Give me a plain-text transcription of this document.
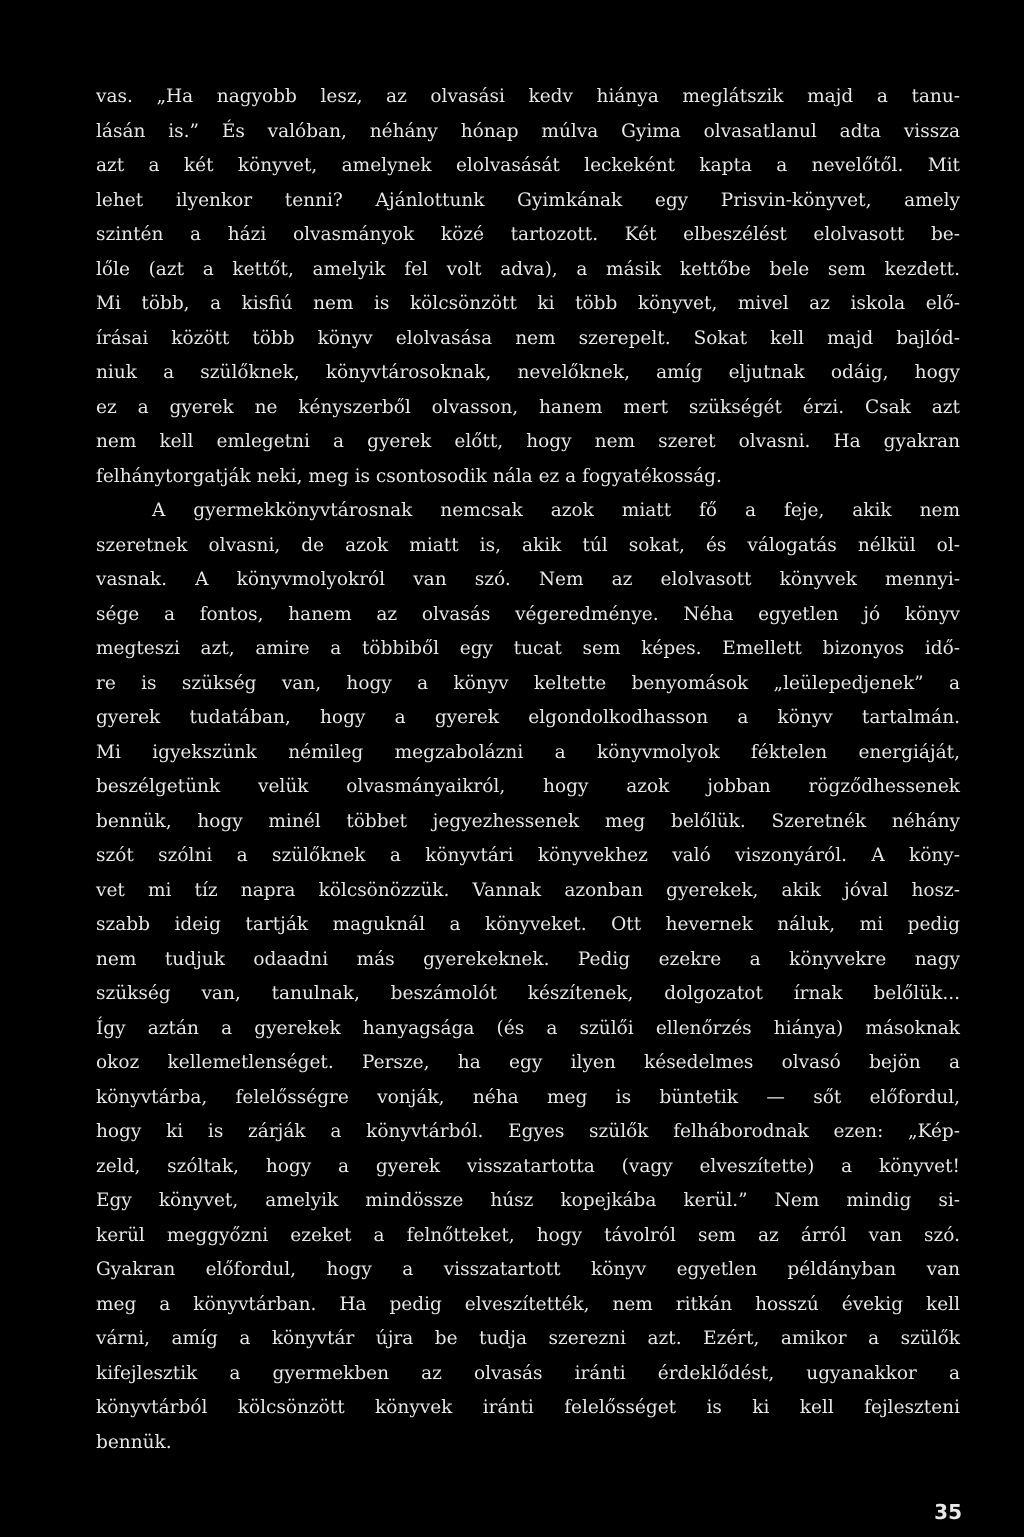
vas. „Ha nagyobb lesz, az olvasási kedv hiánya meglátszik majd a tanu-
lásán is.” És valóban, néhány hónap múlva Gyima olvasatlanul adta vissza
azt a két könyvet, amelynek elolvasását leckeként kapta a nevelőtől. Mit
lehet ilyenkor tenni? Ajánlottunk Gyimkának egy Prisvin-könyvet, amely
szintén a házi olvasmányok közé tartozott. Két elbeszélést elolvasott be-
lőle (azt a kettőt, amelyik fel volt adva), a másik kettőbe bele sem kezdett.
Mi több, a kisfiú nem is kölcsönzött ki több könyvet, mivel az iskola elő-
írásai között több könyv elolvasása nem szerepelt. Sokat kell majd bajlód-
niuk a szülőknek, könyvtárosoknak, nevelőknek, amíg eljutnak odáig, hogy
ez a gyerek ne kényszerből olvasson, hanem mert szükségét érzi. Csak azt
nem kell emlegetni a gyerek előtt, hogy nem szeret olvasni. Ha gyakran
felhánytorgatják neki, meg is csontosodik nála ez a fogyatékosság.
A gyermekkönyvtárosnak nemcsak azok miatt fő a feje, akik nem
szeretnek olvasni, de azok miatt is, akik túl sokat, és válogatás nélkül ol-
vasnak. A könyvmolyokról van szó. Nem az elolvasott könyvek mennyi-
sége a fontos, hanem az olvasás végeredménye. Néha egyetlen jó könyv
megteszi azt, amire a többiből egy tucat sem képes. Emellett bizonyos idő-
re is szükség van, hogy a könyv keltette benyomások „leülepedjenek” a
gyerek tudatában, hogy a gyerek elgondolkodhasson a könyv tartalmán.
Mi igyekszünk némileg megzabolázni a könyvmolyok féktelen energiáját,
beszélgetünk velük olvasmányaikról, hogy azok jobban rögződhessenek
bennük, hogy minél többet jegyezhessenek meg belőlük. Szeretnék néhány
szót szólni a szülőknek a könyvtári könyvekhez való viszonyáról. A köny-
vet mi tíz napra kölcsönözzük. Vannak azonban gyerekek, akik jóval hosz-
szabb ideig tartják maguknál a könyveket. Ott hevernek náluk, mi pedig
nem tudjuk odaadni más gyerekeknek. Pedig ezekre a könyvekre nagy
szükség van, tanulnak, beszámolót készítenek, dolgozatot írnak belőlük...
Így aztán a gyerekek hanyagsága (és a szülői ellenőrzés hiánya) másoknak
okoz kellemetlenséget. Persze, ha egy ilyen késedelmes olvasó bejön a
könyvtárba, felelősségre vonják, néha meg is büntetik — sőt előfordul,
hogy ki is zárják a könyvtárból. Egyes szülők felháborodnak ezen: „Kép-
zeld, szóltak, hogy a gyerek visszatartotta (vagy elveszítette) a könyvet!
Egy könyvet, amelyik mindössze húsz kopejkába kerül.” Nem mindig si-
kerül meggyőzni ezeket a felnőtteket, hogy távolról sem az árról van szó.
Gyakran előfordul, hogy a visszatartott könyv egyetlen példányban van
meg a könyvtárban. Ha pedig elveszítették, nem ritkán hosszú évekig kell
várni, amíg a könyvtár újra be tudja szerezni azt. Ezért, amikor a szülők
kifejlesztik a gyermekben az olvasás iránti érdeklődést, ugyanakkor a
könyvtárból kölcsönzött könyvek iránti felelősséget is ki kell fejleszteni
bennük.
35
